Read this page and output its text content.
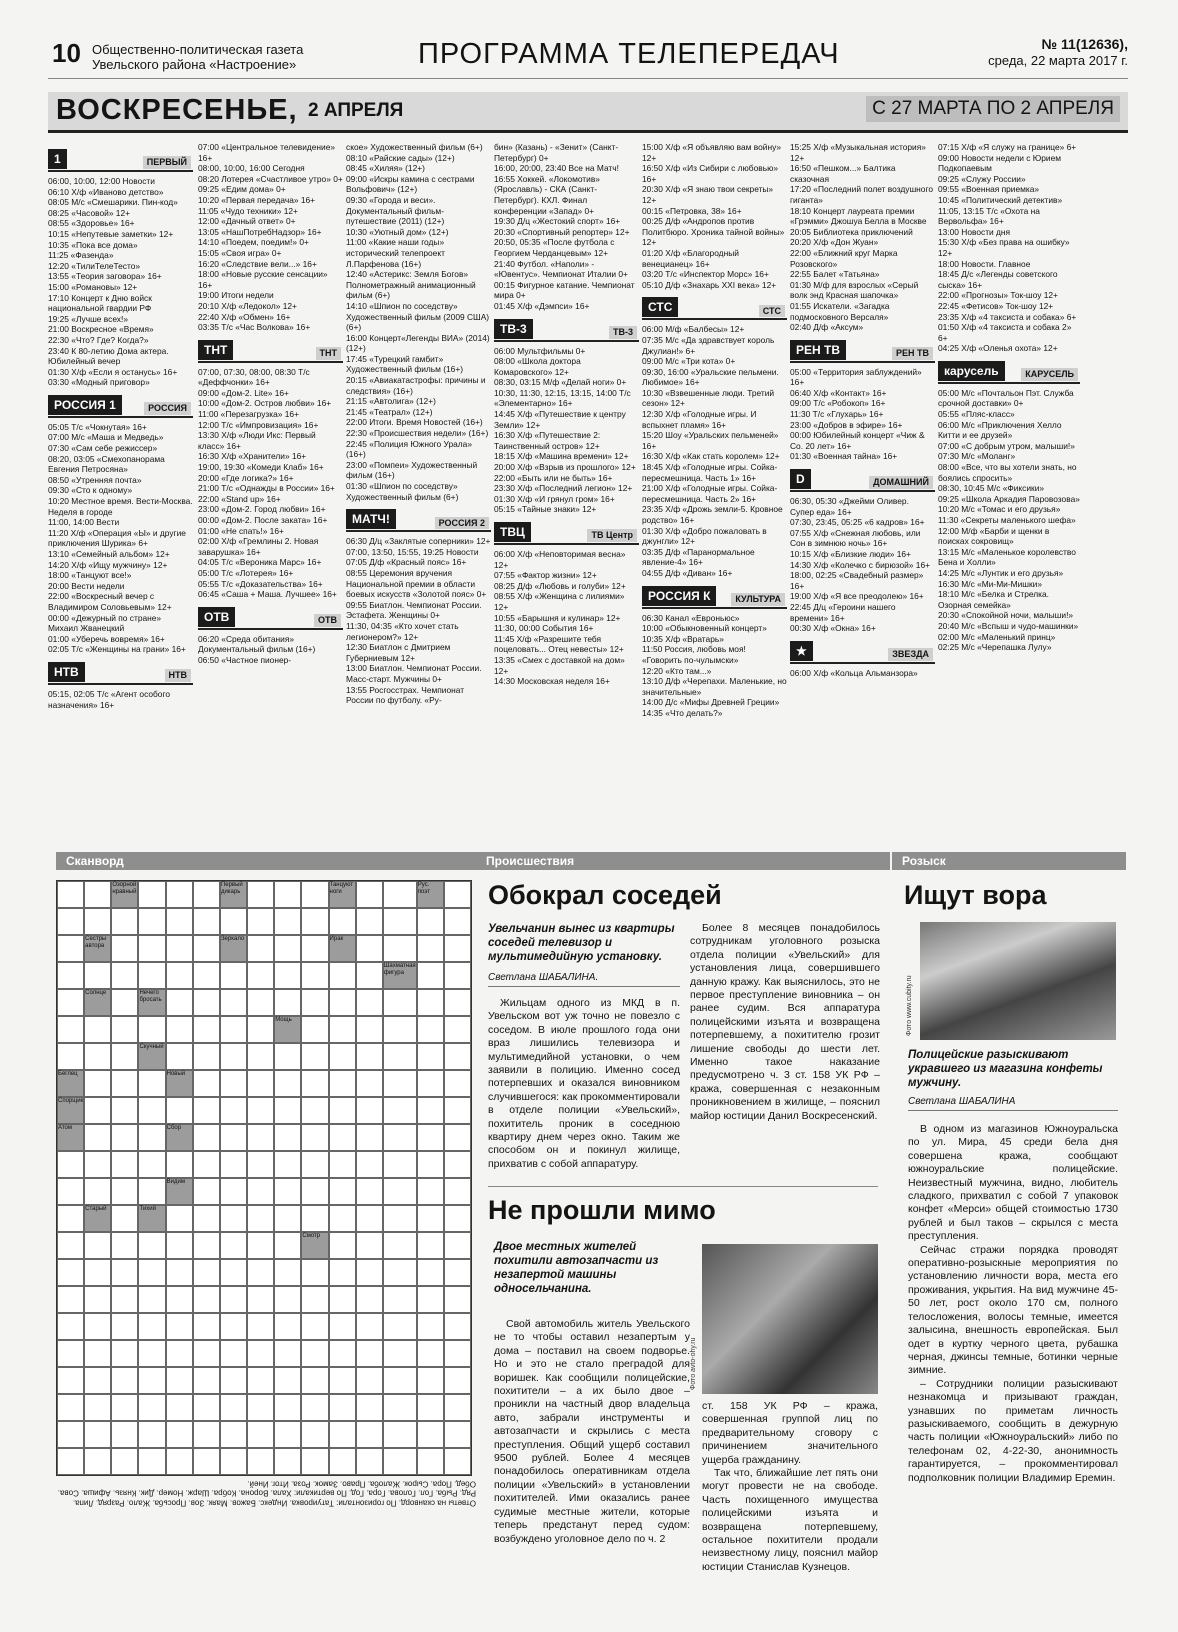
10 Общественно-политическая газета
Увельского района «Настроение»	ПРОГРАММА ТЕЛЕПЕРЕДАЧ	№ 11(12636),
среда, 22 марта 2017 г.
ВОСКРЕСЕНЬЕ, 2 АПРЕЛЯ	С 27 МАРТА ПО 2 АПРЕЛЯ
1	ПЕРВЫЙ
06:00, 10:00, 12:00 Новости
06:10 Х/ф «Иваново детство»
08:05 М/с «Смешарики. Пин-код»
08:25 «Часовой» 12+
08:55 «Здоровье» 16+
10:15 «Непутевые заметки» 12+
10:35 «Пока все дома»
11:25 «Фазенда»
12:20 «ТилиТелеТесто»
13:55 «Теория заговора» 16+
15:00 «Романовы» 12+
17:10 Концерт к Дню войск национальной гвардии РФ
19:25 «Лучше всех!»
21:00 Воскресное «Время»
22:30 «Что? Где? Когда?»
23:40 К 80-летию Дома актера. Юбилейный вечер
01:30 Х/ф «Если я останусь» 16+
03:30 «Модный приговор»
РОССИЯ 1	РОССИЯ
05:05 Т/с «Чокнутая» 16+
07:00 М/с «Маша и Медведь»
07:30 «Сам себе режиссер»
08:20, 03:05 «Смехопанорама Евгения Петросяна»
08:50 «Утренняя почта»
09:30 «Сто к одному»
10:20 Местное время. Вести-Москва. Неделя в городе
11:00, 14:00 Вести
11:20 Х/ф «Операция «Ы» и другие приключения Шурика» 6+
13:10 «Семейный альбом» 12+
14:20 Х/ф «Ищу мужчину» 12+
18:00 «Танцуют все!»
20:00 Вести недели
22:00 «Воскресный вечер с Владимиром Соловьевым» 12+
00:00 «Дежурный по стране» Михаил Жванецкий
01:00 «Уберечь вовремя» 16+
02:05 Т/с «Женщины на грани» 16+
НТВ	НТВ
05:15, 02:05 Т/с «Агент особого назначения» 16+
07:00 «Центральное телевидение» 16+
08:00, 10:00, 16:00 Сегодня
08:20 Лотерея «Счастливое утро» 0+
09:25 «Едим дома» 0+
10:20 «Первая передача» 16+
11:05 «Чудо техники» 12+
12:00 «Дачный ответ» 0+
13:05 «НашПотребНадзор» 16+
14:10 «Поедем, поедим!» 0+
15:05 «Своя игра» 0+
16:20 «Следствие вели...» 16+
18:00 «Новые русские сенсации» 16+
19:00 Итоги недели
20:10 Х/ф «Ледокол» 12+
22:40 Х/ф «Обмен» 16+
03:35 Т/с «Час Волкова» 16+
ТНТ	ТНТ
07:00, 07:30, 08:00, 08:30 Т/с «Деффчонки» 16+
09:00 «Дом-2. Lite» 16+
10:00 «Дом-2. Остров любви» 16+
11:00 «Перезагрузка» 16+
12:00 Т/с «Импровизация» 16+
13:30 Х/ф «Люди Икс: Первый класс» 16+
16:30 Х/ф «Хранители» 16+
19:00, 19:30 «Комеди Клаб» 16+
20:00 «Где логика?» 16+
21:00 Т/с «Однажды в России» 16+
22:00 «Stand up» 16+
23:00 «Дом-2. Город любви» 16+
00:00 «Дом-2. После заката» 16+
01:00 «Не спать!» 16+
02:00 Х/ф «Гремлины 2. Новая заварушка» 16+
04:05 Т/с «Вероника Марс» 16+
05:00 Т/с «Лотерея» 16+
05:55 Т/с «Доказательства» 16+
06:45 «Саша + Маша. Лучшее» 16+
ОТВ	ОТВ
06:20 «Среда обитания» Документальный фильм (16+)
06:50 «Частное пионер-
ское» Художественный фильм (6+)
08:10 «Райские сады» (12+)
08:45 «Хиляя» (12+)
09:00 «Искры камина с сестрами Вольфович» (12+)
09:30 «Города и веси». Документальный фильм-путешествие (2011) (12+)
10:30 «Уютный дом» (12+)
11:00 «Какие наши годы» исторический телепроект Л.Парфенова (16+)
12:40 «Астерикс: Земля Богов» Полнометражный анимационный фильм (6+)
14:10 «Шпион по соседству» Художественный фильм (2009 США) (6+)
16:00 Концерт«Легенды ВИА» (2014) (12+)
17:45 «Турецкий гамбит» Художественный фильм (16+)
20:15 «Авиакатастрофы: причины и следствия» (16+)
21:15 «Автолига» (12+)
21:45 «Театрал» (12+)
22:00 Итоги. Время Новостей (16+)
22:30 «Происшествия недели» (16+)
22:45 «Полиция Южного Урала» (16+)
23:00 «Помпеи» Художественный фильм (16+)
01:30 «Шпион по соседству» Художественный фильм (6+)
МАТЧ!	РОССИЯ 2
06:30 Д/ц «Заклятые соперники» 12+
07:00, 13:50, 15:55, 19:25 Новости
07:05 Д/ф «Красный пояс» 16+
08:55 Церемония вручения Национальной премии в области боевых искусств «Золотой пояс» 0+
09:55 Биатлон. Чемпионат России. Эстафета. Женщины 0+
11:30, 04:35 «Кто хочет стать легионером?» 12+
12:30 Биатлон с Дмитрием Губерниевым 12+
13:00 Биатлон. Чемпионат России. Масс-старт. Мужчины 0+
13:55 Росгосстрах. Чемпионат России по футболу. «Ру-
бин» (Казань) - «Зенит» (Санкт-Петербург) 0+
16:00, 20:00, 23:40 Все на Матч!
16:55 Хоккей. «Локомотив» (Ярославль) - СКА (Санкт-Петербург). КХЛ. Финал конференции «Запад» 0+
19:30 Д/ц «Жестокий спорт» 16+
20:30 «Спортивный репортер» 12+
20:50, 05:35 «После футбола с Георгием Черданцевым» 12+
21:40 Футбол. «Наполи» - «Ювентус». Чемпионат Италии 0+
00:15 Фигурное катание. Чемпионат мира 0+
01:45 Х/ф «Дэмпси» 16+
ТВ-3	ТВ-3
06:00 Мультфильмы 0+
08:00 «Школа доктора Комаровского» 12+
08:30, 03:15 М/ф «Делай ноги» 0+
10:30, 11:30, 12:15, 13:15, 14:00 Т/с «Элементарно» 16+
14:45 Х/ф «Путешествие к центру Земли» 12+
16:30 Х/ф «Путешествие 2: Таинственный остров» 12+
18:15 Х/ф «Машина времени» 12+
20:00 Х/ф «Взрыв из прошлого» 12+
22:00 «Быть или не быть» 16+
23:30 Х/ф «Последний легион» 12+
01:30 Х/ф «И грянул гром» 16+
05:15 «Тайные знаки» 12+
ТВЦ	ТВ Центр
06:00 Х/ф «Неповторимая весна» 12+
07:55 «Фактор жизни» 12+
08:25 Д/ф «Любовь и голуби» 12+
08:55 Х/ф «Женщина с лилиями» 12+
10:55 «Барышня и кулинар» 12+
11:30, 00:00 События 16+
11:45 Х/ф «Разрешите тебя поцеловать... Отец невесты» 12+
13:35 «Смех с доставкой на дом» 12+
14:30 Московская неделя 16+
15:00 Х/ф «Я объявляю вам войну» 12+
16:50 Х/ф «Из Сибири с любовью» 16+
20:30 Х/ф «Я знаю твои секреты» 12+
00:15 «Петровка, 38» 16+
00:25 Д/ф «Андропов против Политбюро. Хроника тайной войны» 12+
01:20 Х/ф «Благородный венецианец» 16+
03:20 Т/с «Инспектор Морс» 16+
05:10 Д/ф «Знахарь XXI века» 12+
СТС	СТС
06:00 М/ф «Балбесы» 12+
07:35 М/с «Да здравствует король Джулиан!» 6+
09:00 М/с «Три кота» 0+
09:30, 16:00 «Уральские пельмени. Любимое» 16+
10:30 «Взвешенные люди. Третий сезон» 12+
12:30 Х/ф «Голодные игры. И вспыхнет пламя» 16+
15:20 Шоу «Уральских пельменей» 16+
16:30 Х/ф «Как стать королем» 12+
18:45 Х/ф «Голодные игры. Сойка-пересмешница. Часть 1» 16+
21:00 Х/ф «Голодные игры. Сойка-пересмешница. Часть 2» 16+
23:35 Х/ф «Дрожь земли-5. Кровное родство» 16+
01:30 Х/ф «Добро пожаловать в джунгли» 12+
03:35 Д/ф «Паранормальное явление-4» 16+
04:55 Д/ф «Диван» 16+
РОССИЯ К	КУЛЬТУРА
06:30 Канал «Евроньюс»
10:00 «Обыкновенный концерт»
10:35 Х/ф «Вратарь»
11:50 Россия, любовь моя! «Говорить по-чулымски»
12:20 «Кто там...»
13:10 Д/ф «Черепахи. Маленькие, но значительные»
14:00 Д/с «Мифы Древней Греции»
14:35 «Что делать?»
15:25 Х/ф «Музыкальная история» 12+
16:50 «Пешком...» Балтика сказочная
17:20 «Последний полет воздушного гиганта»
18:10 Концерт лауреата премии «Грэмми» Джошуа Белла в Москве
20:05 Библиотека приключений
20:20 Х/ф «Дон Жуан»
22:00 «Ближний круг Марка Розовского»
22:55 Балет «Татьяна»
01:30 М/ф для взрослых «Серый волк энд Красная шапочка»
01:55 Искатели. «Загадка подмосковного Версаля»
02:40 Д/ф «Аксум»
РЕН ТВ	РЕН ТВ
05:00 «Территория заблуждений» 16+
06:40 Х/ф «Контакт» 16+
09:00 Т/с «Робокоп» 16+
11:30 Т/с «Глухарь» 16+
23:00 «Добров в эфире» 16+
00:00 Юбилейный концерт «Чиж & Co. 20 лет» 16+
01:30 «Военная тайна» 16+
D	ДОМАШНИЙ
06:30, 05:30 «Джейми Оливер. Супер еда» 16+
07:30, 23:45, 05:25 «6 кадров» 16+
07:55 Х/ф «Снежная любовь, или Сон в зимнюю ночь» 16+
10:15 Х/ф «Близкие люди» 16+
14:30 Х/ф «Колечко с бирюзой» 16+
18:00, 02:25 «Свадебный размер» 16+
19:00 Х/ф «Я все преодолею» 16+
22:45 Д/ц «Героини нашего времени» 16+
00:30 Х/ф «Окна» 16+
★	ЗВЕЗДА
06:00 Х/ф «Кольца Альманзора»
07:15 Х/ф «Я служу на границе» 6+
09:00 Новости недели с Юрием Подкопаевым
09:25 «Служу России»
09:55 «Военная приемка»
10:45 «Политический детектив»
11:05, 13:15 Т/с «Охота на Вервольфа» 16+
13:00 Новости дня
15:30 Х/ф «Без права на ошибку» 12+
18:00 Новости. Главное
18:45 Д/с «Легенды советского сыска» 16+
22:00 «Прогнозы» Ток-шоу 12+
22:45 «Фетисов» Ток-шоу 12+
23:35 Х/ф «4 таксиста и собака» 6+
01:50 Х/ф «4 таксиста и собака 2» 6+
04:25 Х/ф «Оленья охота» 12+
карусель	КАРУСЕЛЬ
05:00 М/с «Почтальон Пэт. Служба срочной доставки» 0+
05:55 «Пляс-класс»
06:00 М/с «Приключения Хелло Китти и ее друзей»
07:00 «С добрым утром, малыши!»
07:30 М/с «Моланг»
08:00 «Все, что вы хотели знать, но боялись спросить»
08:30, 10:45 М/с «Фиксики»
09:25 «Школа Аркадия Паровозова»
10:20 М/с «Томас и его друзья»
11:30 «Секреты маленького шефа»
12:00 М/ф «Барби и щенки в поисках сокровищ»
13:15 М/с «Маленькое королевство Бена и Холли»
14:25 М/с «Лунтик и его друзья»
16:30 М/с «Ми-Ми-Мишки»
18:10 М/с «Белка и Стрелка. Озорная семейка»
20:30 «Спокойной ночи, малыши!»
20:40 М/с «Вспыш и чудо-машинки»
02:00 М/с «Маленький принц»
02:25 М/с «Черепашка Лулу»
Сканворд	Происшествия	Розыск
Озорной нравный
Первый дикарь
Танцуют ноги
Рус. поэт
Сестры автора
Зеркало	Ирак
Шахматная фигура
Солнце	Нечего бросать
Мощь
Скучный
Беглец	Новый
Спорщик
Атом	Сбор
Видим
Старый	Тихий
Смотр
Ответы на сканворд. По горизонтали: Татуировка. Индекс. Бажов. Маяк. Зов. Просьба. Жало. Разряд. Липа. Ряд. Рыба. Гол. Голова. Гора. Год. По вертикали: Хала. Ворона. Кобра. Шарж. Номер. Дик. Князь. Афиша. Сова. Обед. Пора. Сырок. Жалоба. Право. Замок. Роза. Итог. Иней.
Обокрал соседей
Увельчанин вынес из квартиры соседей телевизор и мультимедийную установку.
Светлана ШАБАЛИНА.
Жильцам одного из МКД в п. Увельском вот уж точно не повезло с соседом. В июле прошлого года они враз лишились телевизора и мультимедийной установки, о чем заявили в полицию. Именно сосед потерпевших и оказался виновником случившегося: как прокомментировали в отделе полиции «Увельский», похититель проник в соседнюю квартиру днем через окно. Таким же способом он и покинул жилище, прихватив с собой аппаратуру.
Более 8 месяцев понадобилось сотрудникам уголовного розыска отдела полиции «Увельский» для установления лица, совершившего данную кражу. Как выяснилось, это не первое преступление виновника – он ранее судим. Вся аппаратура полицейскими изъята и возвращена потерпевшему, а похитителю грозит лишение свободы до шести лет. Именно такое наказание предусмотрено ч. 3 ст. 158 УК РФ – кража, совершенная с незаконным проникновением в жилище, – пояснил майор юстиции Данил Воскресенский.
Не прошли мимо
Двое местных жителей похитили автозапчасти из незапертой машины односельчанина.
Свой автомобиль житель Увельского не то чтобы оставил незапертым у дома – поставил на своем подворье. Но и это не стало преградой для воришек. Как сообщили полицейские, похитители – а их было двое – проникли на частный двор владельца авто, забрали инструменты и автозапчасти и скрылись с места преступления. Общий ущерб составил 9500 рублей. Более 4 месяцев понадобилось оперативникам отдела полиции «Увельский» в установлении похитителей. Ими оказались ранее судимые местные жители, которые теперь предстанут перед судом: возбуждено уголовное дело по ч. 2
Фото avto-ohy.ru
ст. 158 УК РФ – кража, совершенная группой лиц по предварительному сговору с причинением значительного ущерба гражданину.
Так что, ближайшие лет пять они могут провести не на свободе. Часть похищенного имущества полицейскими изъята и возвращена потерпевшему, остальное похитители продали неизвестному лицу, пояснил майор юстиции Станислав Кузнецов.
Ищут вора
Фото www.cubity.ru
Полицейские разыскивают укравшего из магазина конфеты мужчину.
Светлана ШАБАЛИНА
В одном из магазинов Южноуральска по ул. Мира, 45 среди бела дня совершена кража, сообщают южноуральские полицейские. Неизвестный мужчина, видно, любитель сладкого, прихватил с собой 7 упаковок конфет «Мерси» общей стоимостью 1730 рублей и был таков – скрылся с места преступления.
Сейчас стражи порядка проводят оперативно-розыскные мероприятия по установлению личности вора, места его проживания, укрытия. На вид мужчине 45-50 лет, рост около 170 см, полного телосложения, волосы темные, имеется залысина, внешность европейская. Был одет в куртку черного цвета, рубашка черная, джинсы темные, ботинки черные зимние.
– Сотрудники полиции разыскивают незнакомца и призывают граждан, узнавших по приметам личность разыскиваемого, сообщить в дежурную часть полиции «Южноуральский» либо по телефонам 02, 4-22-30, анонимность гарантируется, – прокомментировал подполковник полиции Владимир Еремин.
